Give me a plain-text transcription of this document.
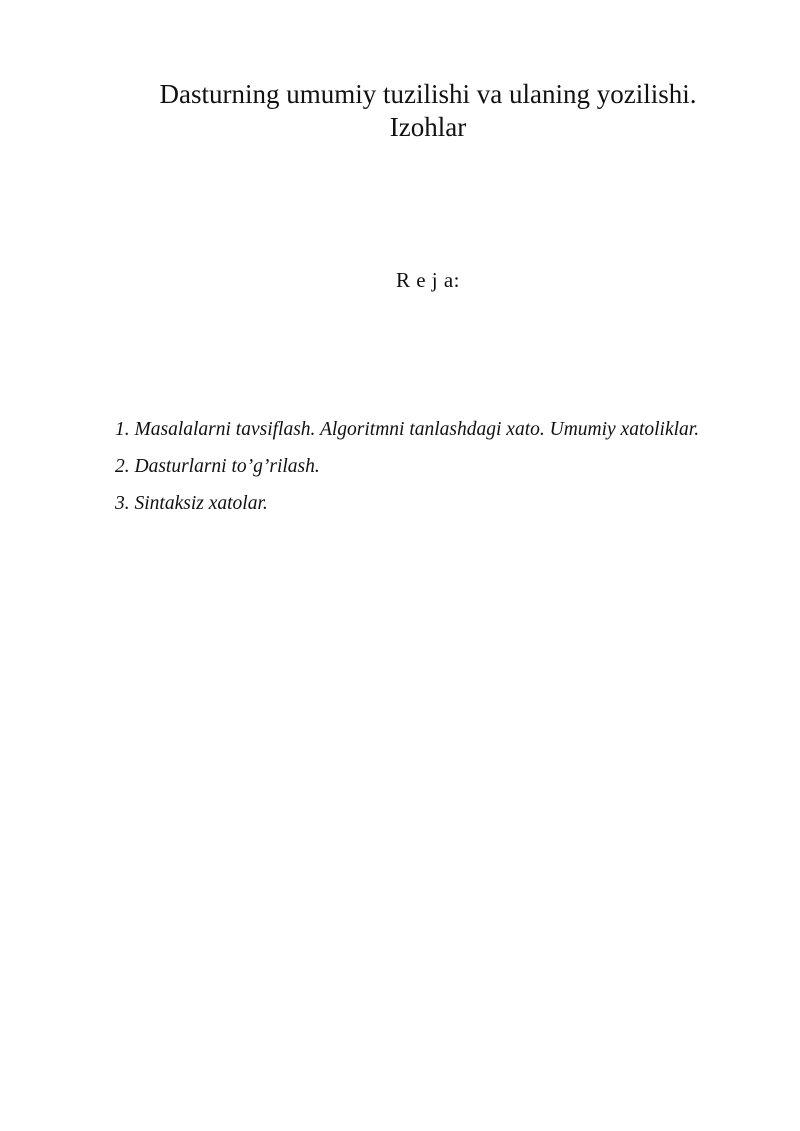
Dasturning umumiy tuzilishi va ulaning yozilishi.
Izohlar
R e j a:
1. Masalalarni tavsiflash. Algoritmni tanlashdagi xato. Umumiy xatoliklar.
2. Dasturlarni to’g’rilash.
3. Sintaksiz xatolar.
